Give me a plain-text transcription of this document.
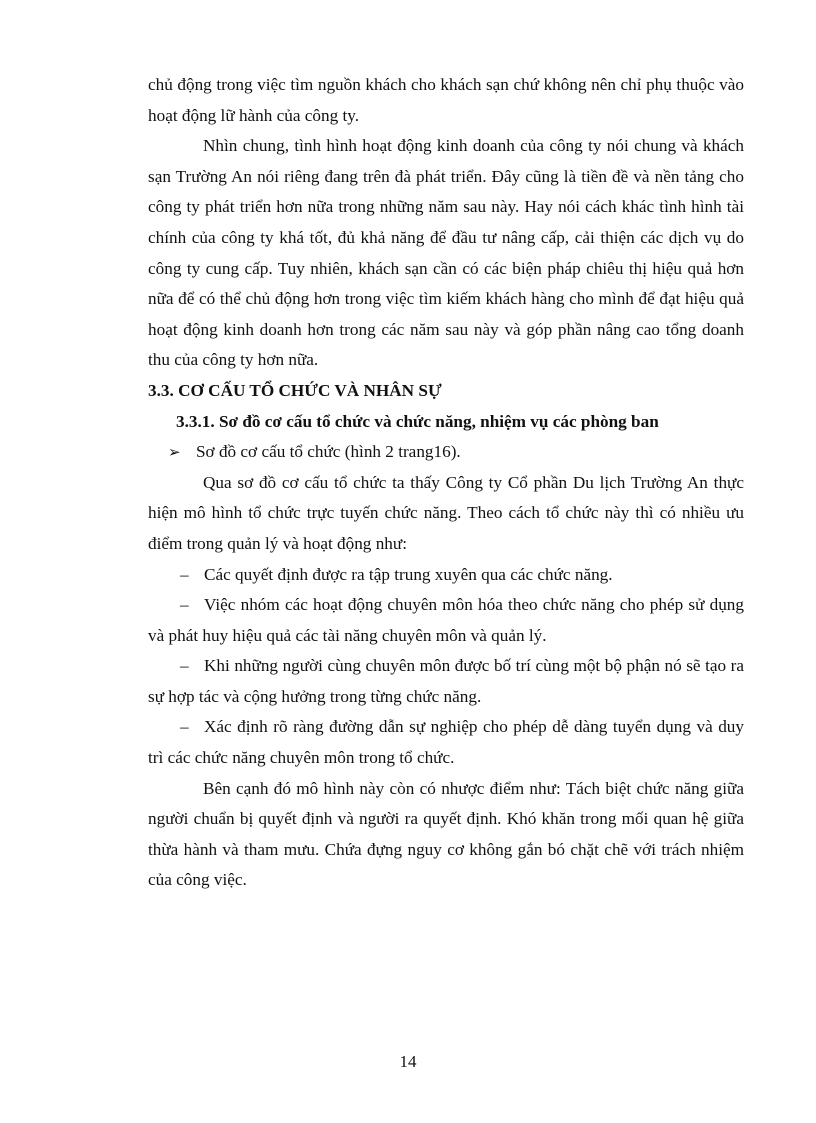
chủ động trong việc tìm nguồn khách cho khách sạn chứ không nên chỉ phụ thuộc vào hoạt động lữ hành của công ty.

Nhìn chung, tình hình hoạt động kinh doanh của công ty nói chung và khách sạn Trường An nói riêng đang trên đà phát triển. Đây cũng là tiền đề và nền tảng cho công ty phát triển hơn nữa trong những năm sau này. Hay nói cách khác tình hình tài chính của công ty khá tốt, đủ khả năng để đầu tư nâng cấp, cải thiện các dịch vụ do công ty cung cấp. Tuy nhiên, khách sạn cần có các biện pháp chiêu thị hiệu quả hơn nữa để có thể chủ động hơn trong việc tìm kiếm khách hàng cho mình để đạt hiệu quả hoạt động kinh doanh hơn trong các năm sau này và góp phần nâng cao tổng doanh thu của công ty hơn nữa.

3.3. CƠ CẤU TỔ CHỨC VÀ NHÂN SỰ

3.3.1. Sơ đồ cơ cấu tổ chức và chức năng, nhiệm vụ các phòng ban

➢ Sơ đồ cơ cấu tổ chức (hình 2 trang16).

Qua sơ đồ cơ cấu tổ chức ta thấy Công ty Cổ phần Du lịch Trường An thực hiện mô hình tổ chức trực tuyến chức năng. Theo cách tổ chức này thì có nhiều ưu điểm trong quản lý và hoạt động như:

– Các quyết định được ra tập trung xuyên qua các chức năng.

– Việc nhóm các hoạt động chuyên môn hóa theo chức năng cho phép sử dụng và phát huy hiệu quả các tài năng chuyên môn và quản lý.

– Khi những người cùng chuyên môn được bố trí cùng một bộ phận nó sẽ tạo ra sự hợp tác và cộng hưởng trong từng chức năng.

– Xác định rõ ràng đường dẫn sự nghiệp cho phép dễ dàng tuyển dụng và duy trì các chức năng chuyên môn trong tổ chức.

Bên cạnh đó mô hình này còn có nhược điểm như: Tách biệt chức năng giữa người chuẩn bị quyết định và người ra quyết định. Khó khăn trong mối quan hệ giữa thừa hành và tham mưu. Chứa đựng nguy cơ không gắn bó chặt chẽ với trách nhiệm của công việc.

14
